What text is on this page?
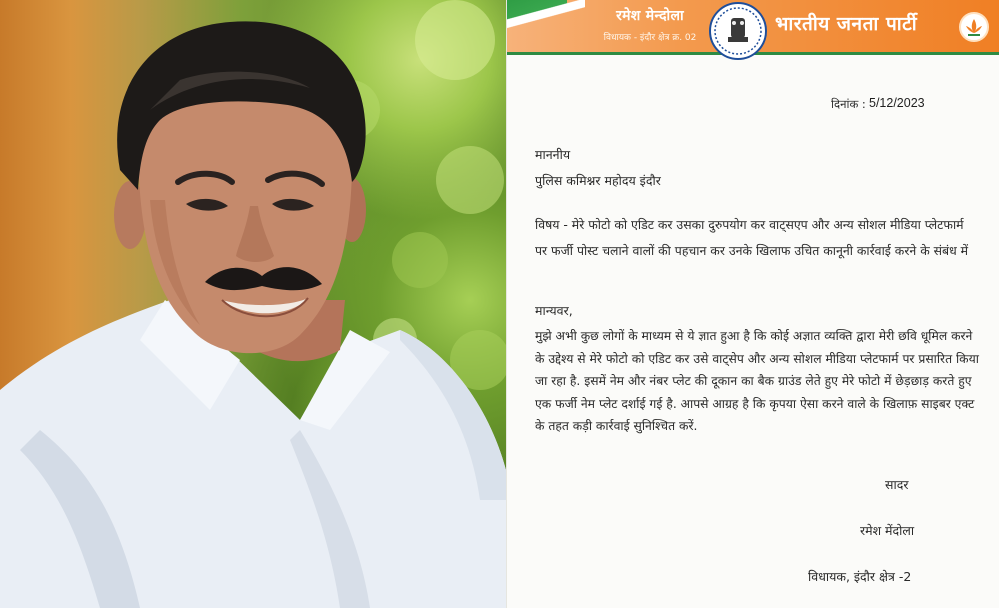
रमेश मेन्दोला
विधायक - इंदौर क्षेत्र क्र. 02
भारतीय जनता पार्टी
दिनांक : 5/12/2023
माननीय
पुलिस कमिश्नर महोदय इंदौर
विषय - मेरे फोटो को एडिट कर उसका दुरुपयोग कर वाट्सएप और अन्य सोशल मीडिया प्लेटफार्म पर फर्जी पोस्ट चलाने वालों की पहचान कर उनके खिलाफ उचित कानूनी कार्रवाई करने के संबंध में
मान्यवर,
मुझे अभी कुछ लोगों के माध्यम से ये ज्ञात हुआ है कि कोई अज्ञात व्यक्ति द्वारा मेरी छवि धूमिल करने के उद्देश्य से मेरे फोटो को एडिट कर उसे वाट्सेप और अन्य सोशल मीडिया प्लेटफार्म पर प्रसारित किया जा रहा है. इसमें नेम और नंबर प्लेट की दूकान का बैक ग्राउंड लेते हुए मेरे फोटो में छेड़छाड़ करते हुए एक फर्जी नेम प्लेट दर्शाई गई है. आपसे आग्रह है कि कृपया ऐसा करने वाले के खिलाफ़ साइबर एक्ट के तहत कड़ी कार्रवाई सुनिश्चित करें.
सादर
रमेश मेंदोला
विधायक, इंदौर क्षेत्र -2
